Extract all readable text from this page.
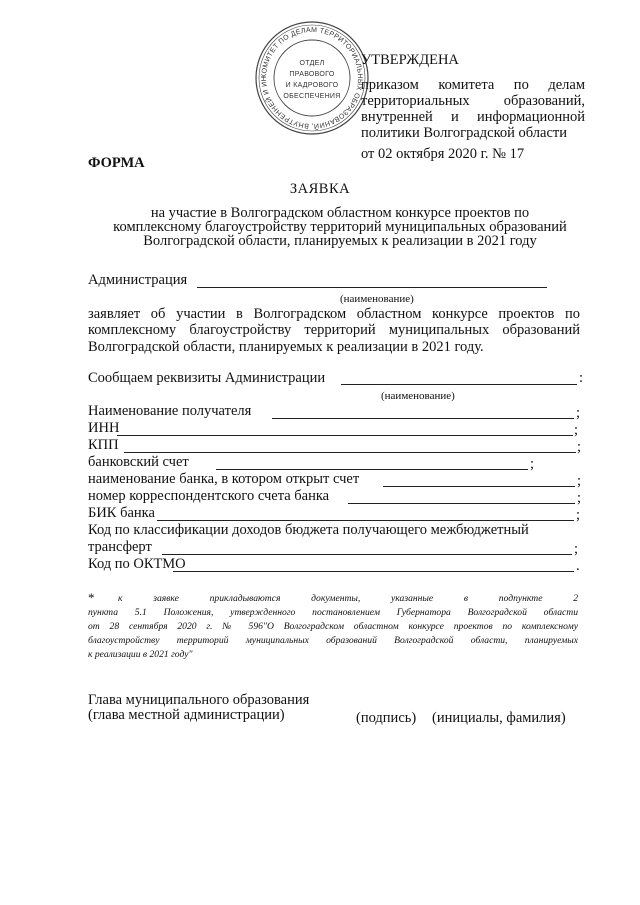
КОМИТЕТ ПО ДЕЛАМ ТЕРРИТОРИАЛЬНЫХ ОБРАЗОВАНИЙ, ВНУТРЕННЕЙ И ИН
ОТДЕЛ
ПРАВОВОГО
И КАДРОВОГО
ОБЕСПЕЧЕНИЯ
УТВЕРЖДЕНА
приказом комитета по делам
территориальных образований,
внутренней и информационной
политики Волгоградской области
от 02 октября 2020 г. № 17
ФОРМА
ЗАЯВКА
на участие в Волгоградском областном конкурсе проектов по
комплексному благоустройству территорий муниципальных образований
Волгоградской области, планируемых к реализации в 2021 году
Администрация
(наименование)
заявляет об участии в Волгоградском областном конкурсе проектов по
комплексному благоустройству территорий муниципальных образований
Волгоградской области, планируемых к реализации в 2021 году.
Сообщаем реквизиты Администрации	:
(наименование)
Наименование получателя	;
ИНН	;
КПП	;
банковский счет	;
наименование банка, в котором открыт счет	;
номер корреспондентского счета банка	;
БИК банка	;
Код по классификации доходов бюджета получающего межбюджетный
трансферт	;
Код по ОКТМО	.
* к заявке прикладываются документы, указанные в подпункте 2
пункта 5.1 Положения, утвержденного постановлением Губернатора Волгоградской области
от 28 сентября 2020 г. № 596"О Волгоградском областном конкурсе проектов по комплексному
благоустройству территорий муниципальных образований Волгоградской области, планируемых
к реализации в 2021 году"
Глава муниципального образования
(глава местной администрации)	(подпись) (инициалы, фамилия)
